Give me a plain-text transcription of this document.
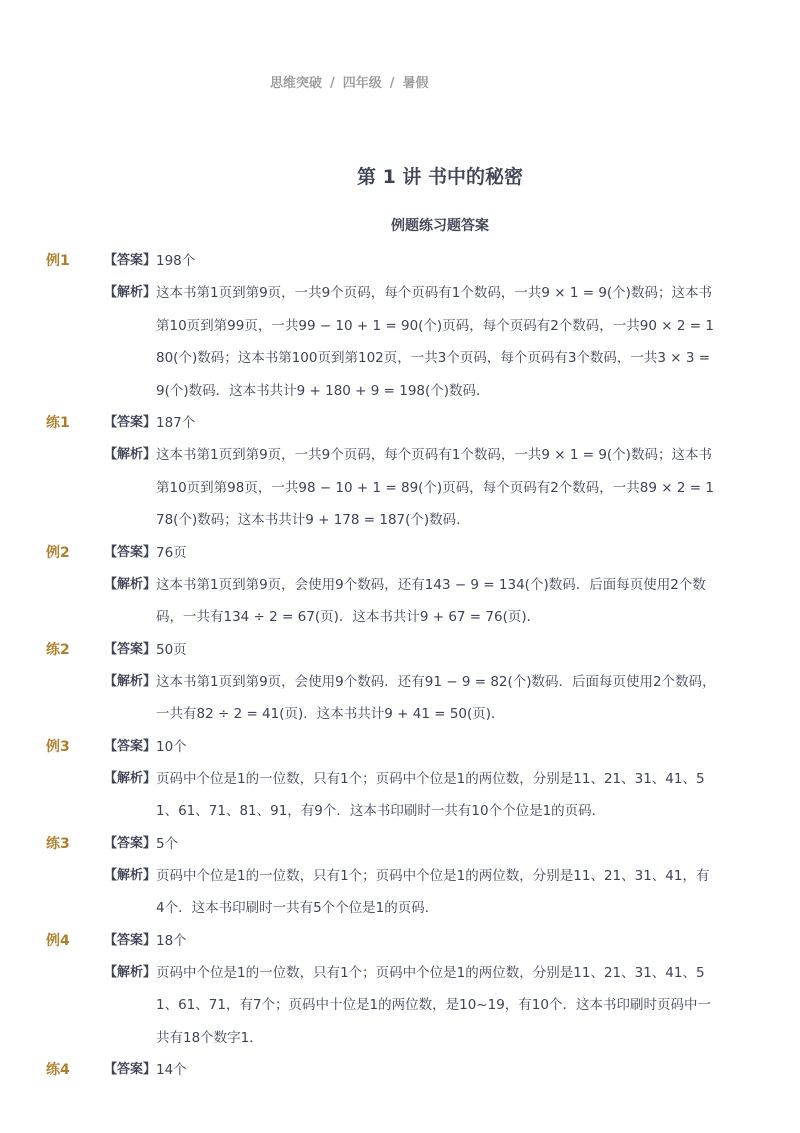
思维突破 / 四年级 / 暑假
第 1 讲 书中的秘密
例题练习题答案
例1	【答案】 198个
【解析】 这本书第1页到第9页，一共9个页码，每个页码有1个数码，一共9 × 1 = 9(个)数码；这本书第10页到第99页，一共99 − 10 + 1 = 90(个)页码，每个页码有2个数码，一共90 × 2 = 180(个)数码；这本书第100页到第102页，一共3个页码，每个页码有3个数码，一共3 × 3 = 9(个)数码．这本书共计9 + 180 + 9 = 198(个)数码．

练1	【答案】 187个
【解析】 这本书第1页到第9页，一共9个页码，每个页码有1个数码，一共9 × 1 = 9(个)数码；这本书第10页到第98页，一共98 − 10 + 1 = 89(个)页码，每个页码有2个数码，一共89 × 2 = 178(个)数码；这本书共计9 + 178 = 187(个)数码．

例2	【答案】 76页
【解析】 这本书第1页到第9页，会使用9个数码，还有143 − 9 = 134(个)数码．后面每页使用2个数码，一共有134 ÷ 2 = 67(页)．这本书共计9 + 67 = 76(页)．

练2	【答案】 50页
【解析】 这本书第1页到第9页，会使用9个数码．还有91 − 9 = 82(个)数码．后面每页使用2个数码，一共有82 ÷ 2 = 41(页)．这本书共计9 + 41 = 50(页)．

例3	【答案】 10个
【解析】 页码中个位是1的一位数，只有1个；页码中个位是1的两位数，分别是11、21、31、41、51、61、71、81、91，有9个．这本书印刷时一共有10个个位是1的页码．

练3	【答案】 5个
【解析】 页码中个位是1的一位数，只有1个；页码中个位是1的两位数，分别是11、21、31、41，有4个．这本书印刷时一共有5个个位是1的页码．

例4	【答案】 18个
【解析】 页码中个位是1的一位数，只有1个；页码中个位是1的两位数，分别是11、21、31、41、51、61、71，有7个；页码中十位是1的两位数，是10~19，有10个．这本书印刷时页码中一共有18个数字1．

练4	【答案】 14个
